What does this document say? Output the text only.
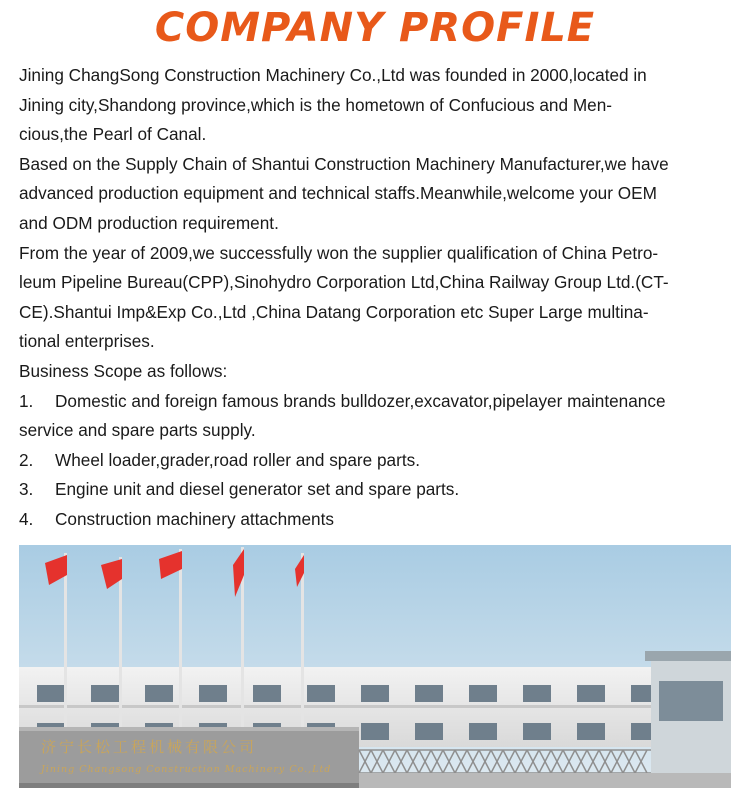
COMPANY PROFILE
Jining ChangSong Construction Machinery Co.,Ltd was founded in 2000,located in
Jining city,Shandong province,which is the hometown of Confucious and Men-
cious,the Pearl of Canal.
Based on the Supply Chain of Shantui Construction Machinery Manufacturer,we have
advanced production equipment and technical staffs.Meanwhile,welcome your OEM
and ODM production requirement.
From the year of 2009,we successfully won the supplier qualification of China Petro-
leum Pipeline Bureau(CPP),Sinohydro Corporation Ltd,China Railway Group Ltd.(CT-
CE).Shantui Imp&Exp Co.,Ltd ,China Datang Corporation etc Super Large multina-
tional enterprises.
Business Scope as follows:
1. Domestic and foreign famous brands bulldozer,excavator,pipelayer maintenance
service and spare parts supply.
2. Wheel loader,grader,road roller and spare parts.
3. Engine unit and diesel generator set and spare parts.
4. Construction machinery attachments
济宁长松工程机械有限公司
Jining Changsong Construction Machinery Co.,Ltd
